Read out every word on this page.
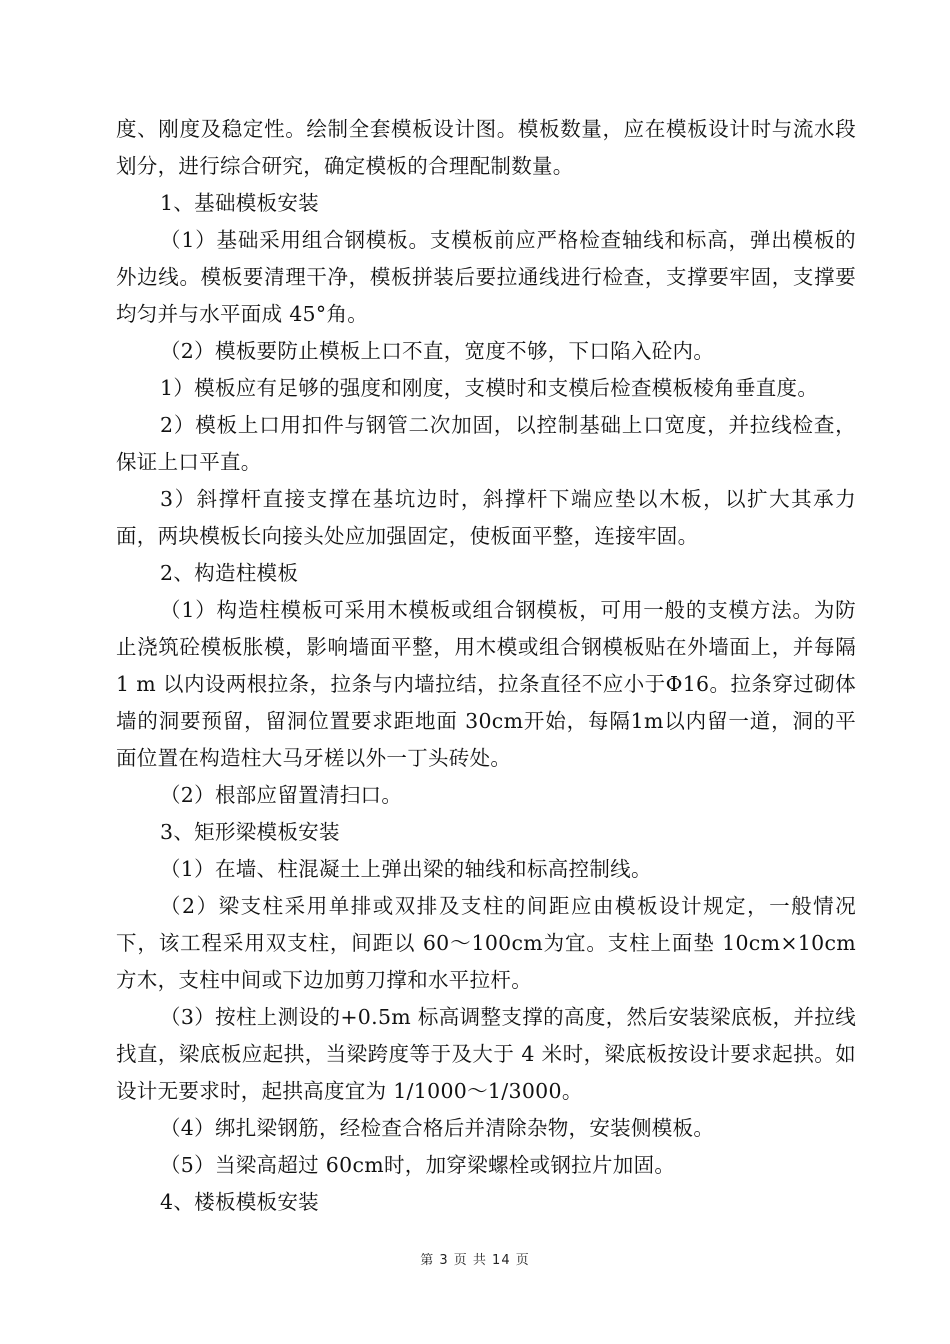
度、刚度及稳定性。绘制全套模板设计图。模板数量，应在模板设计时与流水段划分，进行综合研究，确定模板的合理配制数量。

1、基础模板安装

（1）基础采用组合钢模板。支模板前应严格检查轴线和标高，弹出模板的外边线。模板要清理干净，模板拼装后要拉通线进行检查，支撑要牢固，支撑要均匀并与水平面成 45°角。

（2）模板要防止模板上口不直，宽度不够，下口陷入砼内。

1）模板应有足够的强度和刚度，支模时和支模后检查模板棱角垂直度。

2）模板上口用扣件与钢管二次加固，以控制基础上口宽度，并拉线检查，保证上口平直。

3）斜撑杆直接支撑在基坑边时，斜撑杆下端应垫以木板，以扩大其承力面，两块模板长向接头处应加强固定，使板面平整，连接牢固。

2、构造柱模板

（1）构造柱模板可采用木模板或组合钢模板，可用一般的支模方法。为防止浇筑砼模板胀模，影响墙面平整，用木模或组合钢模板贴在外墙面上，并每隔 1 m 以内设两根拉条，拉条与内墙拉结，拉条直径不应小于Φ16。拉条穿过砌体墙的洞要预留，留洞位置要求距地面 30cm开始，每隔1m以内留一道，洞的平面位置在构造柱大马牙槎以外一丁头砖处。

（2）根部应留置清扫口。

3、矩形梁模板安装

（1）在墙、柱混凝土上弹出梁的轴线和标高控制线。

（2）梁支柱采用单排或双排及支柱的间距应由模板设计规定，一般情况下，该工程采用双支柱，间距以 60～100cm为宜。支柱上面垫 10cm×10cm方木，支柱中间或下边加剪刀撑和水平拉杆。

（3）按柱上测设的+0.5m 标高调整支撑的高度，然后安装梁底板，并拉线找直，梁底板应起拱，当梁跨度等于及大于 4 米时，梁底板按设计要求起拱。如设计无要求时，起拱高度宜为 1/1000～1/3000。

（4）绑扎梁钢筋，经检查合格后并清除杂物，安装侧模板。

（5）当梁高超过 60cm时，加穿梁螺栓或钢拉片加固。

4、楼板模板安装

第 3 页 共 14 页
